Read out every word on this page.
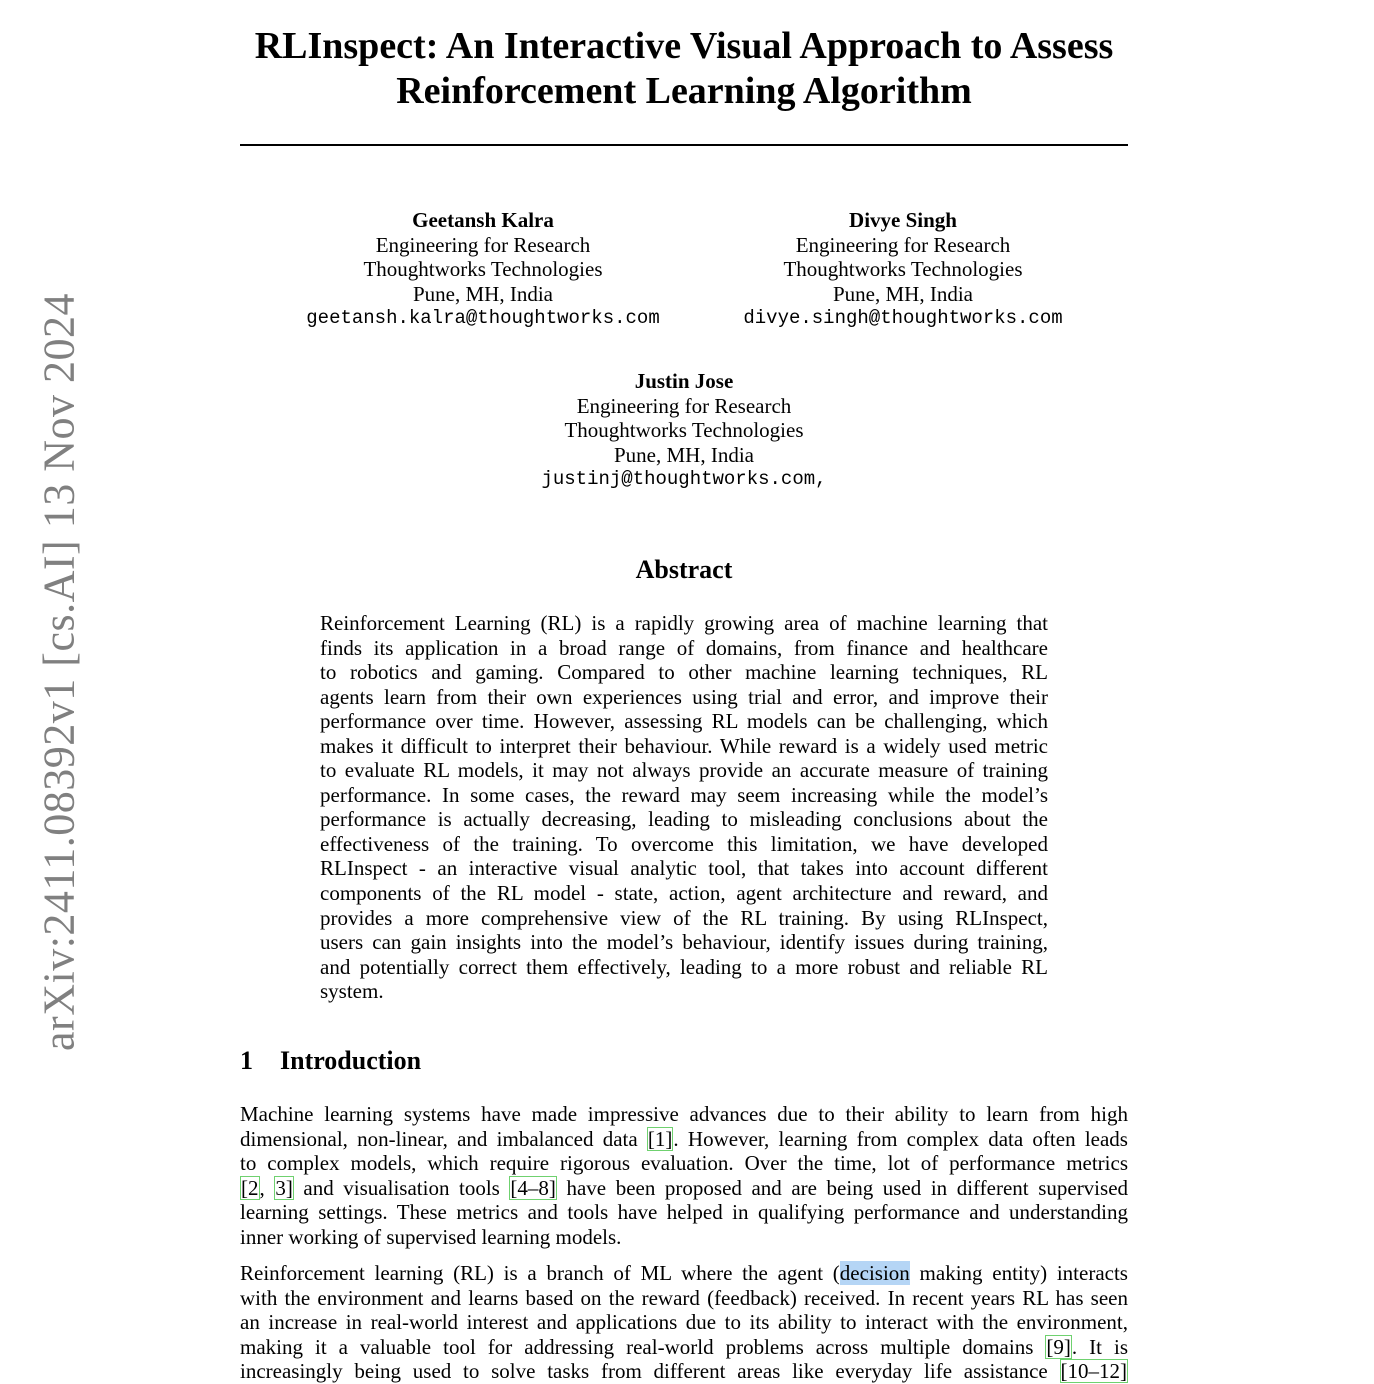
arXiv:2411.08392v1 [cs.AI] 13 Nov 2024
RLInspect: An Interactive Visual Approach to Assess
Reinforcement Learning Algorithm
Geetansh Kalra
Engineering for Research
Thoughtworks Technologies
Pune, MH, India
geetansh.kalra@thoughtworks.com
Divye Singh
Engineering for Research
Thoughtworks Technologies
Pune, MH, India
divye.singh@thoughtworks.com
Justin Jose
Engineering for Research
Thoughtworks Technologies
Pune, MH, India
justinj@thoughtworks.com,
Abstract
Reinforcement Learning (RL) is a rapidly growing area of machine learning that
finds its application in a broad range of domains, from finance and healthcare
to robotics and gaming. Compared to other machine learning techniques, RL
agents learn from their own experiences using trial and error, and improve their
performance over time. However, assessing RL models can be challenging, which
makes it difficult to interpret their behaviour. While reward is a widely used metric
to evaluate RL models, it may not always provide an accurate measure of training
performance. In some cases, the reward may seem increasing while the model’s
performance is actually decreasing, leading to misleading conclusions about the
effectiveness of the training. To overcome this limitation, we have developed
RLInspect - an interactive visual analytic tool, that takes into account different
components of the RL model - state, action, agent architecture and reward, and
provides a more comprehensive view of the RL training. By using RLInspect,
users can gain insights into the model’s behaviour, identify issues during training,
and potentially correct them effectively, leading to a more robust and reliable RL
system.
1 Introduction
Machine learning systems have made impressive advances due to their ability to learn from high
dimensional, non-linear, and imbalanced data [1]. However, learning from complex data often leads
to complex models, which require rigorous evaluation. Over the time, lot of performance metrics
[2, 3] and visualisation tools [4–8] have been proposed and are being used in different supervised
learning settings. These metrics and tools have helped in qualifying performance and understanding
inner working of supervised learning models.
Reinforcement learning (RL) is a branch of ML where the agent (decision making entity) interacts
with the environment and learns based on the reward (feedback) received. In recent years RL has seen
an increase in real-world interest and applications due to its ability to interact with the environment,
making it a valuable tool for addressing real-world problems across multiple domains [9]. It is
increasingly being used to solve tasks from different areas like everyday life assistance [10–12]
